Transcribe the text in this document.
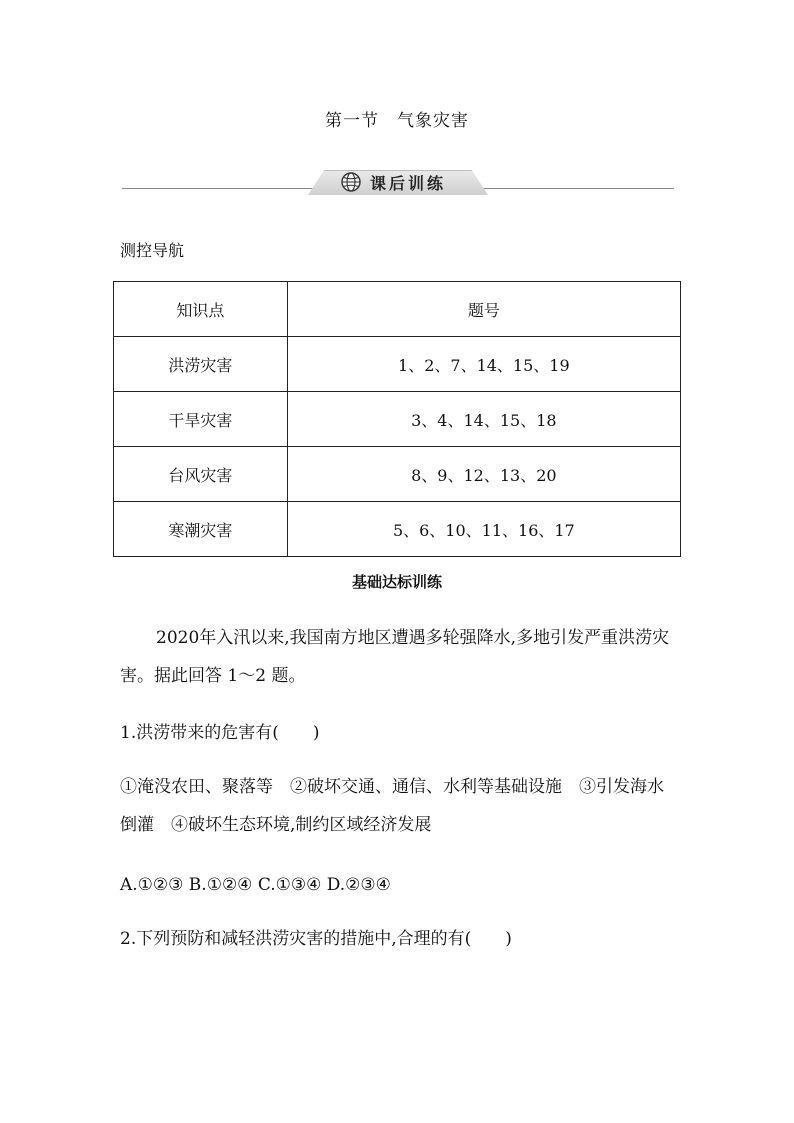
第一节　气象灾害
课后训练
测控导航
知识点	题号
洪涝灾害	1、2、7、14、15、19
干旱灾害	3、4、14、15、18
台风灾害	8、9、12、13、20
寒潮灾害	5、6、10、11、16、17
基础达标训练

2020年入汛以来,我国南方地区遭遇多轮强降水,多地引发严重洪涝灾害。据此回答 1～2 题。

1.洪涝带来的危害有(　　)

①淹没农田、聚落等　②破坏交通、通信、水利等基础设施　③引发海水倒灌　④破坏生态环境,制约区域经济发展

A.①②③ B.①②④ C.①③④ D.②③④

2.下列预防和减轻洪涝灾害的措施中,合理的有(　　)
